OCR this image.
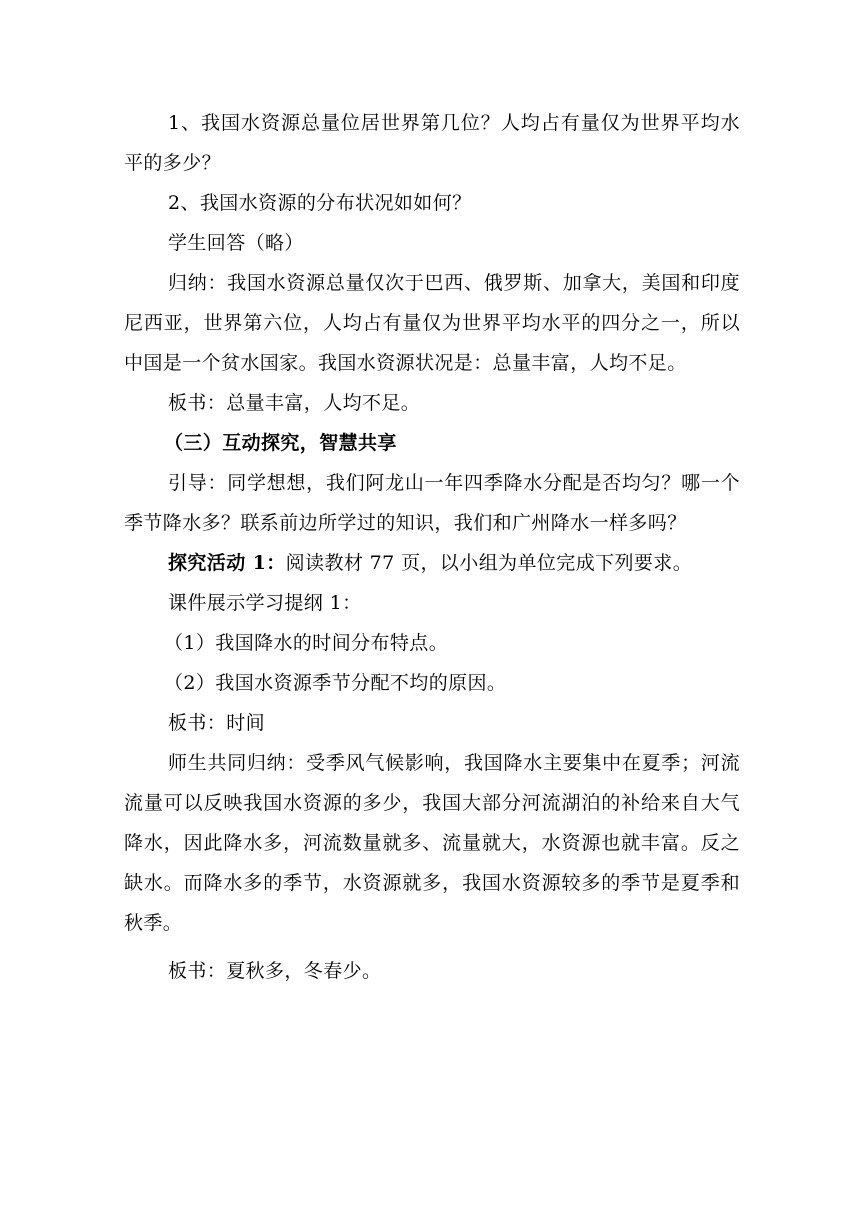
1、我国水资源总量位居世界第几位？人均占有量仅为世界平均水平的多少？

2、我国水资源的分布状况如如何？

学生回答（略）

归纳：我国水资源总量仅次于巴西、俄罗斯、加拿大，美国和印度尼西亚，世界第六位，人均占有量仅为世界平均水平的四分之一，所以中国是一个贫水国家。我国水资源状况是：总量丰富，人均不足。

板书：总量丰富，人均不足。

（三）互动探究，智慧共享

引导：同学想想，我们阿龙山一年四季降水分配是否均匀？哪一个季节降水多？联系前边所学过的知识，我们和广州降水一样多吗？

探究活动 1：阅读教材 77 页，以小组为单位完成下列要求。

课件展示学习提纲 1：

（1）我国降水的时间分布特点。

（2）我国水资源季节分配不均的原因。

板书：时间

师生共同归纳：受季风气候影响，我国降水主要集中在夏季；河流流量可以反映我国水资源的多少，我国大部分河流湖泊的补给来自大气降水，因此降水多，河流数量就多、流量就大，水资源也就丰富。反之缺水。而降水多的季节，水资源就多，我国水资源较多的季节是夏季和秋季。

板书：夏秋多，冬春少。
